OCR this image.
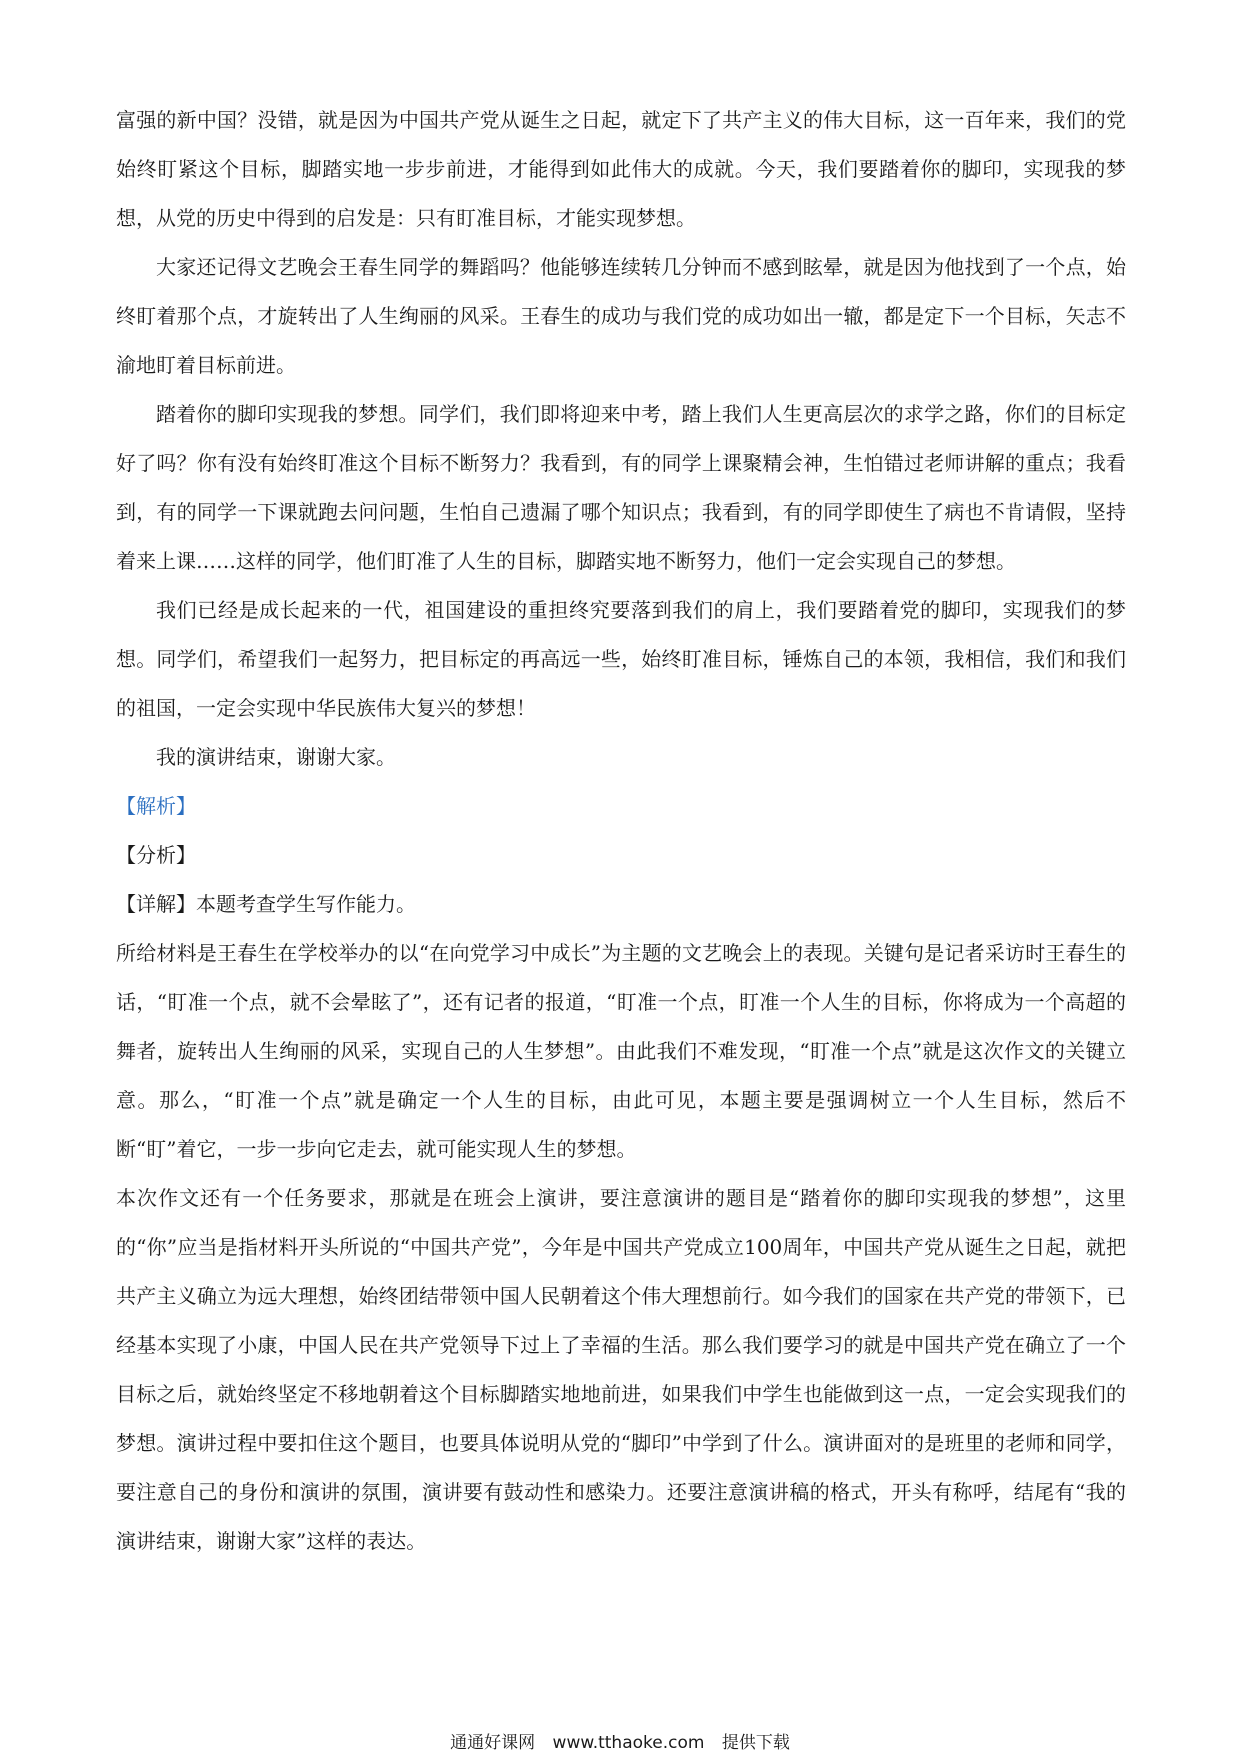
富强的新中国？没错，就是因为中国共产党从诞生之日起，就定下了共产主义的伟大目标，这一百年来，我们的党始终盯紧这个目标，脚踏实地一步步前进，才能得到如此伟大的成就。今天，我们要踏着你的脚印，实现我的梦想，从党的历史中得到的启发是：只有盯准目标，才能实现梦想。

大家还记得文艺晚会王春生同学的舞蹈吗？他能够连续转几分钟而不感到眩晕，就是因为他找到了一个点，始终盯着那个点，才旋转出了人生绚丽的风采。王春生的成功与我们党的成功如出一辙，都是定下一个目标，矢志不渝地盯着目标前进。

踏着你的脚印实现我的梦想。同学们，我们即将迎来中考，踏上我们人生更高层次的求学之路，你们的目标定好了吗？你有没有始终盯准这个目标不断努力？我看到，有的同学上课聚精会神，生怕错过老师讲解的重点；我看到，有的同学一下课就跑去问问题，生怕自己遗漏了哪个知识点；我看到，有的同学即使生了病也不肯请假，坚持着来上课……这样的同学，他们盯准了人生的目标，脚踏实地不断努力，他们一定会实现自己的梦想。

我们已经是成长起来的一代，祖国建设的重担终究要落到我们的肩上，我们要踏着党的脚印，实现我们的梦想。同学们，希望我们一起努力，把目标定的再高远一些，始终盯准目标，锤炼自己的本领，我相信，我们和我们的祖国，一定会实现中华民族伟大复兴的梦想！

我的演讲结束，谢谢大家。

【解析】

【分析】

【详解】本题考查学生写作能力。

所给材料是王春生在学校举办的以“在向党学习中成长”为主题的文艺晚会上的表现。关键句是记者采访时王春生的话，“盯准一个点，就不会晕眩了”，还有记者的报道，“盯准一个点，盯准一个人生的目标，你将成为一个高超的舞者，旋转出人生绚丽的风采，实现自己的人生梦想”。由此我们不难发现，“盯准一个点”就是这次作文的关键立意。那么，“盯准一个点”就是确定一个人生的目标，由此可见，本题主要是强调树立一个人生目标，然后不断“盯”着它，一步一步向它走去，就可能实现人生的梦想。

本次作文还有一个任务要求，那就是在班会上演讲，要注意演讲的题目是“踏着你的脚印实现我的梦想”，这里的“你”应当是指材料开头所说的“中国共产党”，今年是中国共产党成立100周年，中国共产党从诞生之日起，就把共产主义确立为远大理想，始终团结带领中国人民朝着这个伟大理想前行。如今我们的国家在共产党的带领下，已经基本实现了小康，中国人民在共产党领导下过上了幸福的生活。那么我们要学习的就是中国共产党在确立了一个目标之后，就始终坚定不移地朝着这个目标脚踏实地地前进，如果我们中学生也能做到这一点，一定会实现我们的梦想。演讲过程中要扣住这个题目，也要具体说明从党的“脚印”中学到了什么。演讲面对的是班里的老师和同学，要注意自己的身份和演讲的氛围，演讲要有鼓动性和感染力。还要注意演讲稿的格式，开头有称呼，结尾有“我的演讲结束，谢谢大家”这样的表达。

通通好课网 www.tthaoke.com 提供下载
